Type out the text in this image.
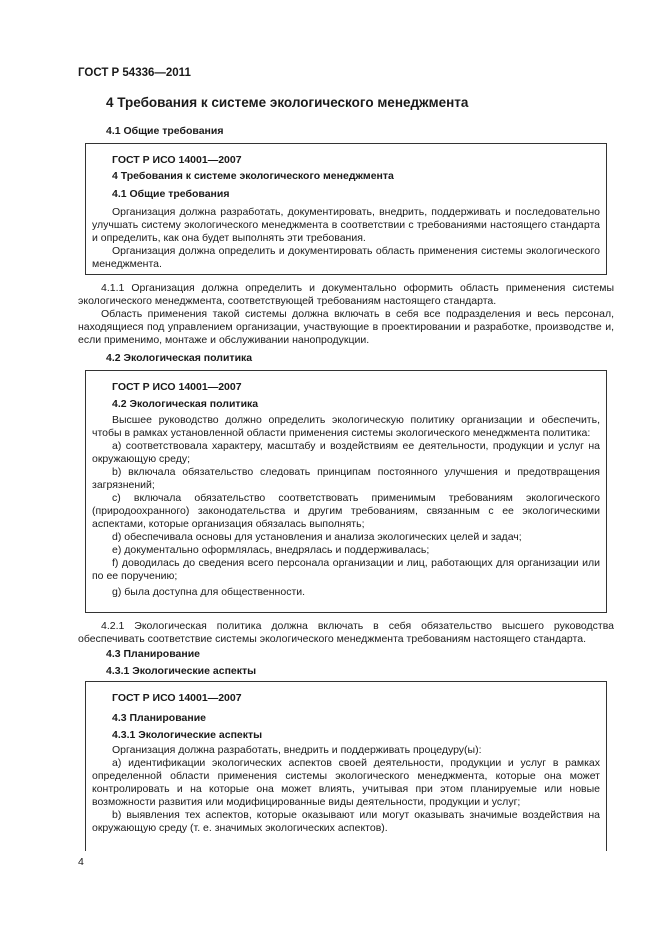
ГОСТ Р 54336—2011
4 Требования к системе экологического менеджмента
4.1 Общие требования
ГОСТ Р ИСО 14001—2007
4 Требования к системе экологического менеджмента
4.1 Общие требования

Организация должна разработать, документировать, внедрить, поддерживать и последовательно улучшать систему экологического менеджмента в соответствии с требованиями настоящего стандарта и определить, как она будет выполнять эти требования.

Организация должна определить и документировать область применения системы экологического менеджмента.

4.1.1 Организация должна определить и документально оформить область применения системы экологического менеджмента, соответствующей требованиям настоящего стандарта.

Область применения такой системы должна включать в себя все подразделения и весь персонал, находящиеся под управлением организации, участвующие в проектировании и разработке, производстве и, если применимо, монтаже и обслуживании нанопродукции.

4.2 Экологическая политика
ГОСТ Р ИСО 14001—2007
4.2 Экологическая политика

Высшее руководство должно определить экологическую политику организации и обеспечить, чтобы в рамках установленной области применения системы экологического менеджмента политика:

a) соответствовала характеру, масштабу и воздействиям ее деятельности, продукции и услуг на окружающую среду;

b) включала обязательство следовать принципам постоянного улучшения и предотвращения загрязнений;

c) включала обязательство соответствовать применимым требованиям экологического (природоохранного) законодательства и другим требованиям, связанным с ее экологическими аспектами, которые организация обязалась выполнять;

d) обеспечивала основы для установления и анализа экологических целей и задач;

e) документально оформлялась, внедрялась и поддерживалась;

f) доводилась до сведения всего персонала организации и лиц, работающих для организации или по ее поручению;

g) была доступна для общественности.

4.2.1 Экологическая политика должна включать в себя обязательство высшего руководства обеспечивать соответствие системы экологического менеджмента требованиям настоящего стандарта.

4.3 Планирование
4.3.1 Экологические аспекты
ГОСТ Р ИСО 14001—2007
4.3 Планирование
4.3.1 Экологические аспекты

Организация должна разработать, внедрить и поддерживать процедуру(ы):

a) идентификации экологических аспектов своей деятельности, продукции и услуг в рамках определенной области применения системы экологического менеджмента, которые она может контролировать и на которые она может влиять, учитывая при этом планируемые или новые возможности развития или модифицированные виды деятельности, продукции и услуг;

b) выявления тех аспектов, которые оказывают или могут оказывать значимые воздействия на окружающую среду (т. е. значимых экологических аспектов).

4
